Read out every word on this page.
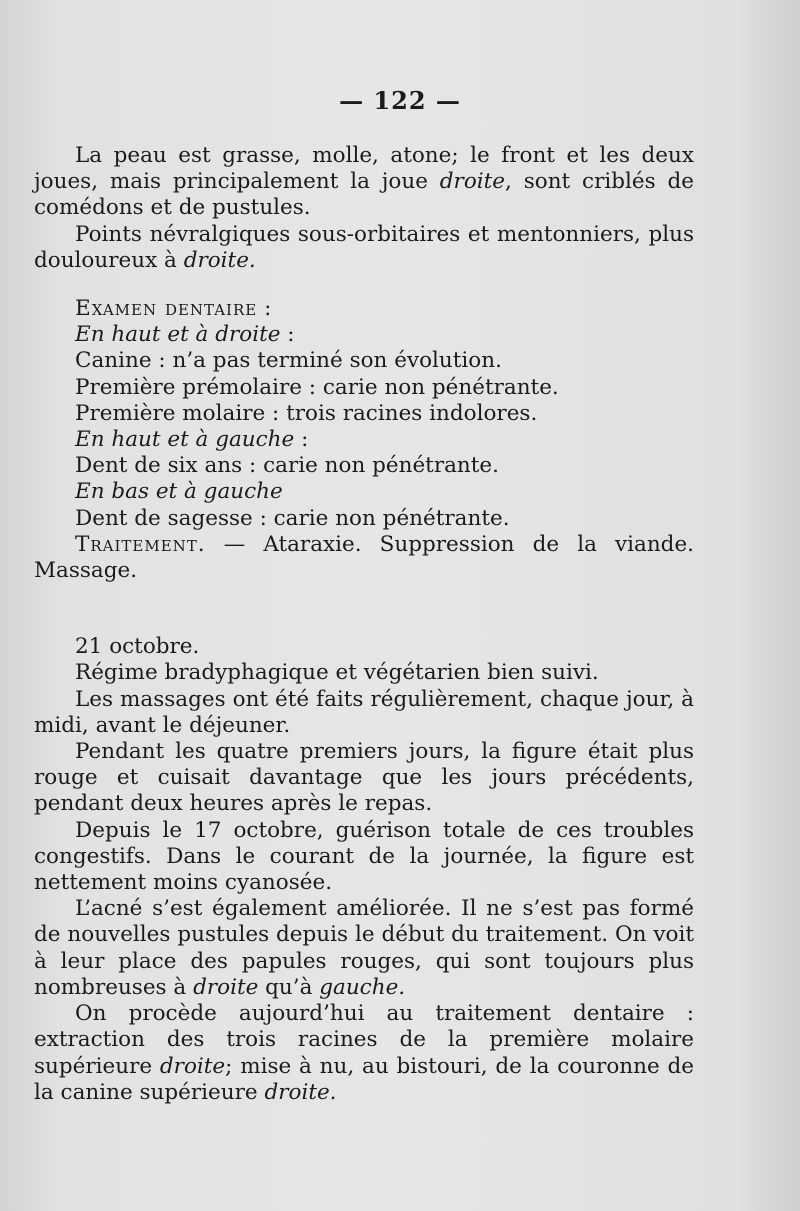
— 122 —

La peau est grasse, molle, atone; le front et les deux joues, mais principalement la joue droite, sont criblés de comédons et de pustules.

Points névralgiques sous-orbitaires et mentonniers, plus douloureux à droite.

Examen dentaire :

En haut et à droite :

Canine : n’a pas terminé son évolution.

Première prémolaire : carie non pénétrante.

Première molaire : trois racines indolores.

En haut et à gauche :

Dent de six ans : carie non pénétrante.

En bas et à gauche

Dent de sagesse : carie non pénétrante.

Traitement. — Ataraxie. Suppression de la viande. Massage.

21 octobre.

Régime bradyphagique et végétarien bien suivi.

Les massages ont été faits régulièrement, chaque jour, à midi, avant le déjeuner.

Pendant les quatre premiers jours, la figure était plus rouge et cuisait davantage que les jours précédents, pendant deux heures après le repas.

Depuis le 17 octobre, guérison totale de ces troubles congestifs. Dans le courant de la journée, la figure est nettement moins cyanosée.

L’acné s’est également améliorée. Il ne s’est pas formé de nouvelles pustules depuis le début du traitement. On voit à leur place des papules rouges, qui sont toujours plus nombreuses à droite qu’à gauche.

On procède aujourd’hui au traitement dentaire : extraction des trois racines de la première molaire supérieure droite; mise à nu, au bistouri, de la couronne de la canine supérieure droite.
